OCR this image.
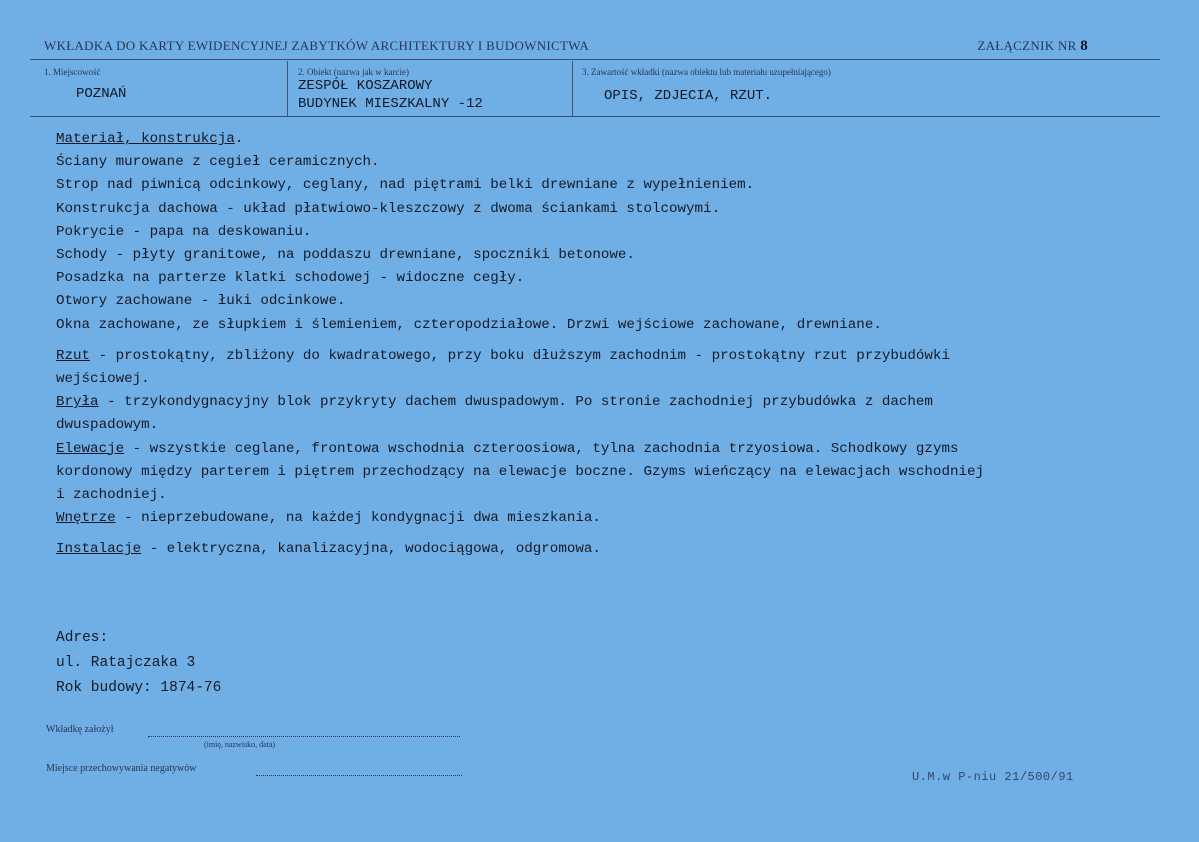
WKŁADKA DO KARTY EWIDENCYJNEJ ZABYTKÓW ARCHITEKTURY I BUDOWNICTWA	ZAŁĄCZNIK NR 8
1. Miejscowość
POZNAŃ
2. Obiekt (nazwa jak w karcie)
ZESPÓŁ KOSZAROWY
BUDYNEK MIESZKALNY -12
3. Zawartość wkładki (nazwa obiektu lub materiału uzupełniającego)
OPIS, ZDJECIA, RZUT.

Materiał, konstrukcja.

Ściany murowane z cegieł ceramicznych.

Strop nad piwnicą odcinkowy, ceglany, nad piętrami belki drewniane z wypełnieniem.

Konstrukcja dachowa - układ płatwiowo-kleszczowy z dwoma ściankami stolcowymi.

Pokrycie - papa na deskowaniu.

Schody - płyty granitowe, na poddaszu drewniane, spoczniki betonowe.

Posadzka na parterze klatki schodowej - widoczne cegły.

Otwory zachowane - łuki odcinkowe.

Okna zachowane, ze słupkiem i ślemieniem, czteropodziałowe. Drzwi wejściowe zachowane, drewniane.

Rzut - prostokątny, zbliżony do kwadratowego, przy boku dłuższym zachodnim - prostokątny rzut przybudówki

wejściowej.

Bryła - trzykondygnacyjny blok przykryty dachem dwuspadowym. Po stronie zachodniej przybudówka z dachem

dwuspadowym.

Elewacje - wszystkie ceglane, frontowa wschodnia czteroosiowa, tylna zachodnia trzyosiowa. Schodkowy gzyms

kordonowy między parterem i piętrem przechodzący na elewacje boczne. Gzyms wieńczący na elewacjach wschodniej

i zachodniej.

Wnętrze - nieprzebudowane, na każdej kondygnacji dwa mieszkania.

Instalacje - elektryczna, kanalizacyjna, wodociągowa, odgromowa.

Adres:
ul. Ratajczaka 3
Rok budowy: 1874-76
Wkładkę założył
(imię, nazwisko, data)
Miejsce przechowywania negatywów
U.M.w P-niu 21/500/91
